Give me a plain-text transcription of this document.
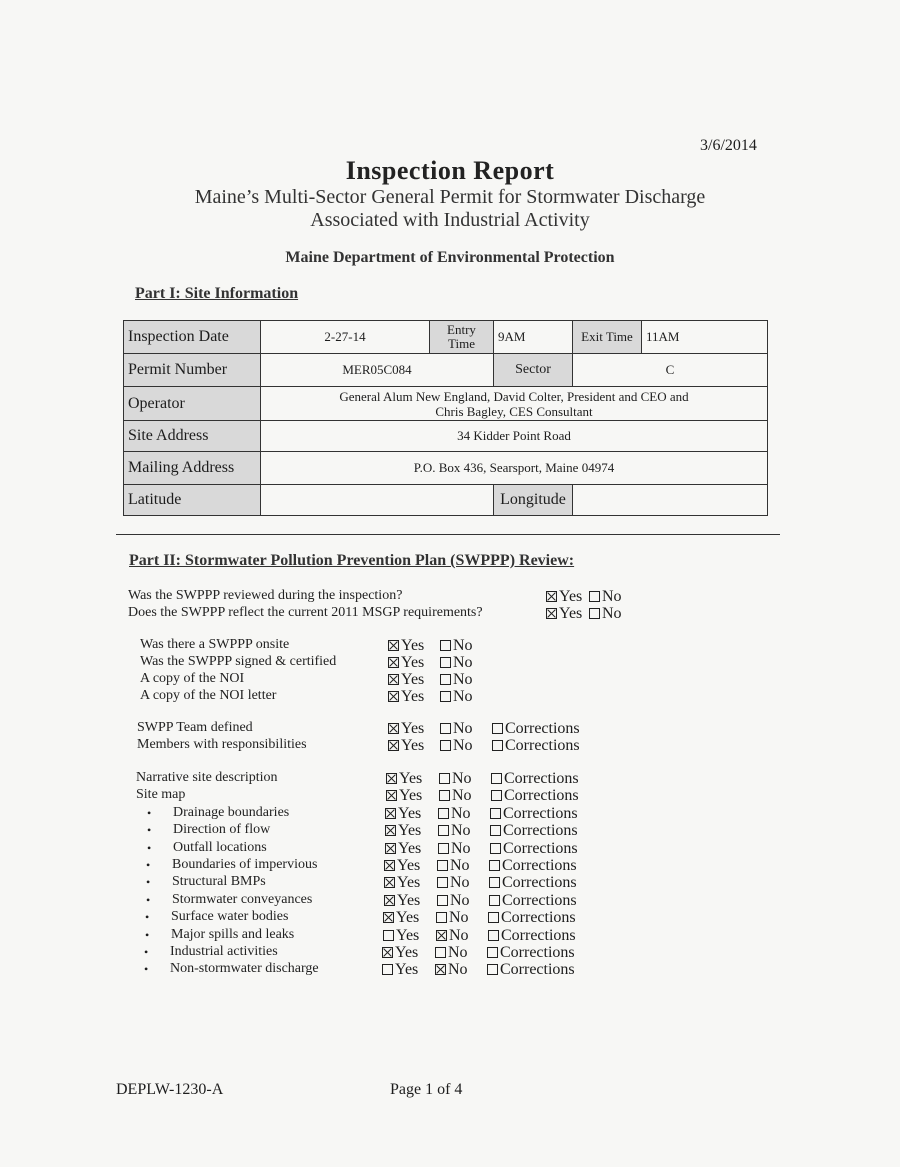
3/6/2014
Inspection Report
Maine’s Multi-Sector General Permit for Stormwater Discharge
Associated with Industrial Activity
Maine Department of Environmental Protection
Part I: Site Information
Inspection Date	2-27-14	Entry Time	9AM	Exit Time	11AM
Permit Number	MER05C084		Sector	C	
Operator	General Alum New England, David Colter, President and CEO and
Chris Bagley, CES Consultant				

Site Address	34 Kidder Point Road				
Mailing Address	P.O. Box 436, Searsport, Maine 04974				
Latitude			Longitude		
Part II: Stormwater Pollution Prevention Plan (SWPPP) Review:
Was the SWPPP reviewed during the inspection?	Yes	No
Does the SWPPP reflect the current 2011 MSGP requirements?	Yes	No
Was there a SWPPP onsite	Yes	No
Was the SWPPP signed & certified	Yes	No
A copy of the NOI	Yes	No
A copy of the NOI letter	Yes	No
SWPP Team defined	Yes	No	Corrections
Members with responsibilities	Yes	No	Corrections
Narrative site description	Yes	No	Corrections
Site map	Yes	No	Corrections
• Drainage boundaries	Yes	No	Corrections
• Direction of flow	Yes	No	Corrections
• Outfall locations	Yes	No	Corrections
• Boundaries of impervious	Yes	No	Corrections
• Structural BMPs	Yes	No	Corrections
• Stormwater conveyances	Yes	No	Corrections
• Surface water bodies	Yes	No	Corrections
• Major spills and leaks	Yes	No	Corrections
• Industrial activities	Yes	No	Corrections
• Non-stormwater discharge	Yes	No	Corrections
DEPLW-1230-A	Page 1 of 4
